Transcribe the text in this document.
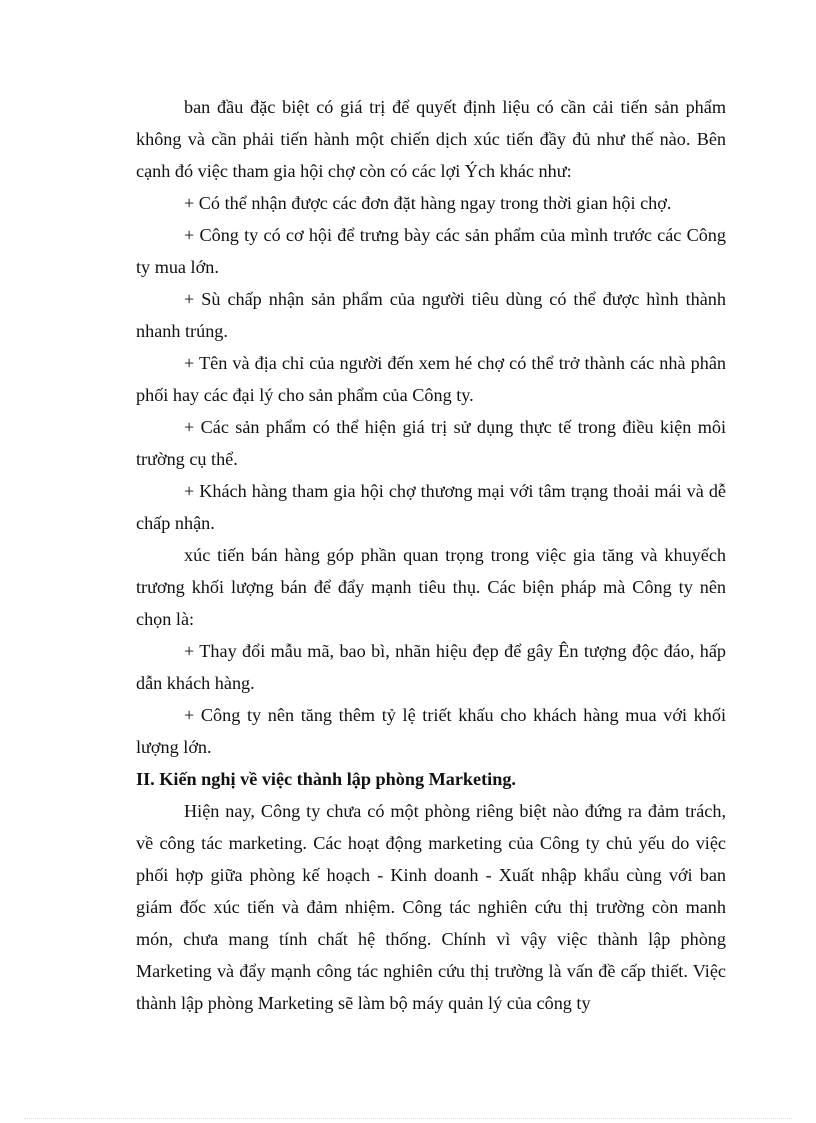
ban đầu đặc biệt có giá trị để quyết định liệu có cần cải tiến sản phẩm không và cần phải tiến hành một chiến dịch xúc tiến đầy đủ như thế nào. Bên cạnh đó việc tham gia hội chợ còn có các lợi Ých khác như:

+ Có thể nhận được các đơn đặt hàng ngay trong thời gian hội chợ.

+ Công ty có cơ hội để trưng bày các sản phẩm của mình trước các Công ty mua lớn.

+ Sù chấp nhận sản phẩm của người tiêu dùng có thể được hình thành nhanh trúng.

+ Tên và địa chỉ của người đến xem hé chợ có thể trở thành các nhà phân phối hay các đại lý cho sản phẩm của Công ty.

+ Các sản phẩm có thể hiện giá trị sử dụng thực tế trong điều kiện môi trường cụ thể.

+ Khách hàng tham gia hội chợ thương mại với tâm trạng thoải mái và dễ chấp nhận.

xúc tiến bán hàng góp phần quan trọng trong việc gia tăng và khuyếch trương khối lượng bán để đẩy mạnh tiêu thụ. Các biện pháp mà Công ty nên chọn là:

+ Thay đổi mẫu mã, bao bì, nhãn hiệu đẹp để gây Ên tượng độc đáo, hấp dẫn khách hàng.

+ Công ty nên tăng thêm tỷ lệ triết khấu cho khách hàng mua với khối lượng lớn.

II. Kiến nghị về việc thành lập phòng Marketing.

Hiện nay, Công ty chưa có một phòng riêng biệt nào đứng ra đảm trách, về công tác marketing. Các hoạt động marketing của Công ty chủ yếu do việc phối hợp giữa phòng kế hoạch - Kinh doanh - Xuất nhập khẩu cùng với ban giám đốc xúc tiến và đảm nhiệm. Công tác nghiên cứu thị trường còn manh món, chưa mang tính chất hệ thống. Chính vì vậy việc thành lập phòng Marketing và đẩy mạnh công tác nghiên cứu thị trường là vấn đề cấp thiết. Việc thành lập phòng Marketing sẽ làm bộ máy quản lý của công ty
